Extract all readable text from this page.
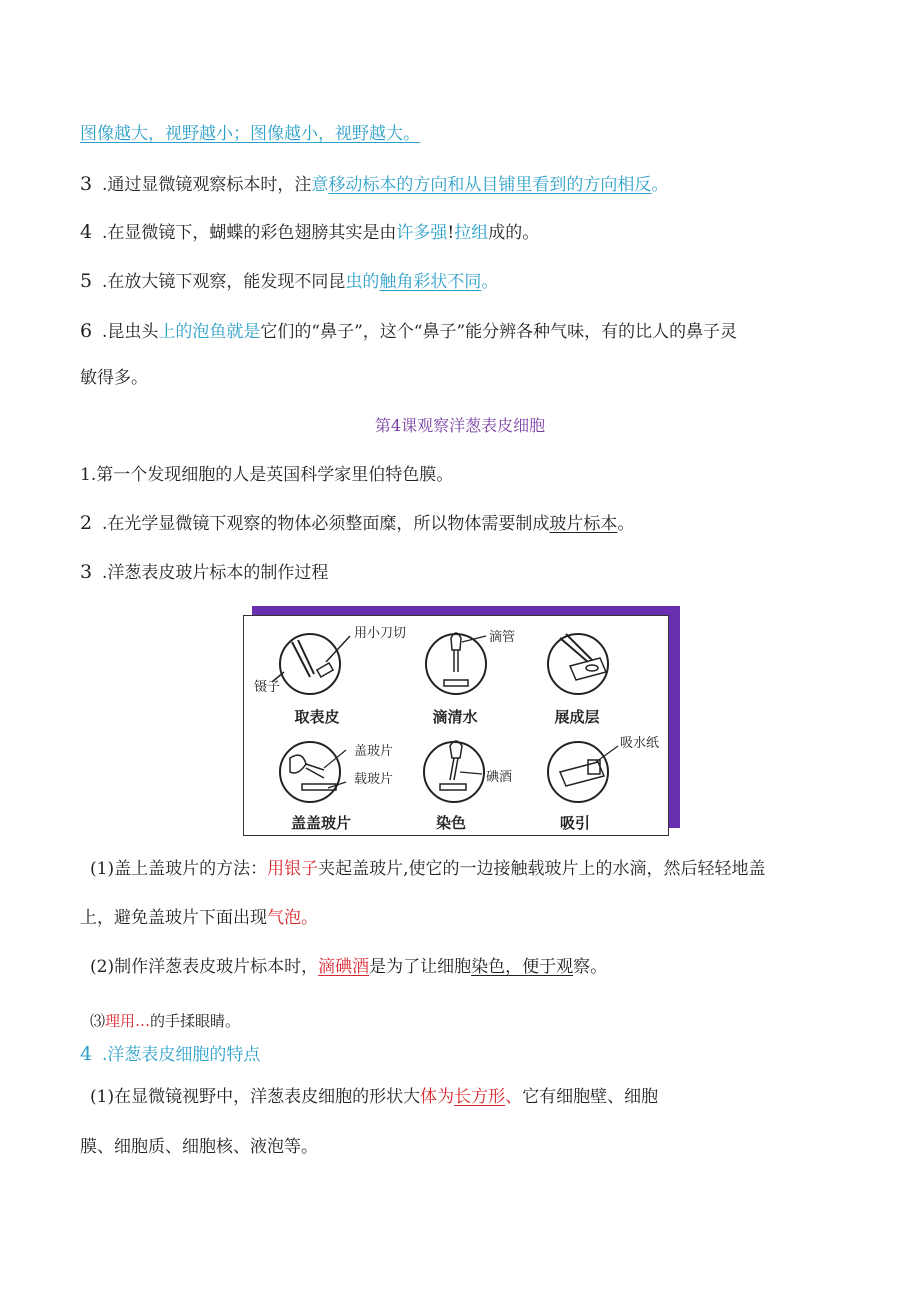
图像越大，视野越小；图像越小，视野越大。
3 .通过显微镜观察标本时，注意移动标本的方向和从目铺里看到的方向相反。
4 .在显微镜下，蝴蝶的彩色翅膀其实是由许多强!拉组成的。
5 .在放大镜下观察，能发现不同昆虫的触角彩状不同。
6 .昆虫头上的泡鱼就是它们的“鼻子”，这个“鼻子”能分辨各种气味，有的比人的鼻子灵
敏得多。
第4课观察洋葱表皮细胞
1.第一个发现细胞的人是英国科学家里伯特色膜。
2 .在光学显微镜下观察的物体必须整面糜，所以物体需要制成玻片标本。
3 .洋葱表皮玻片标本的制作过程
用小刀切
镊子
取表皮
滴管
滴清水	展成层
盖玻片
载玻片
盖盖玻片
碘酒
染色
吸水纸
吸引
(1)盖上盖玻片的方法：用银子夹起盖玻片,使它的一边接触载玻片上的水滴，然后轻轻地盖
上，避免盖玻片下面出现气泡。
(2)制作洋葱表皮玻片标本时，滴碘酒是为了让细胞染色，便于观察。
⑶理用…的手揉眼睛。
4 .洋葱表皮细胞的特点
(1)在显微镜视野中，洋葱表皮细胞的形状大体为长方形、它有细胞壁、细胞
膜、细胞质、细胞核、液泡等。
